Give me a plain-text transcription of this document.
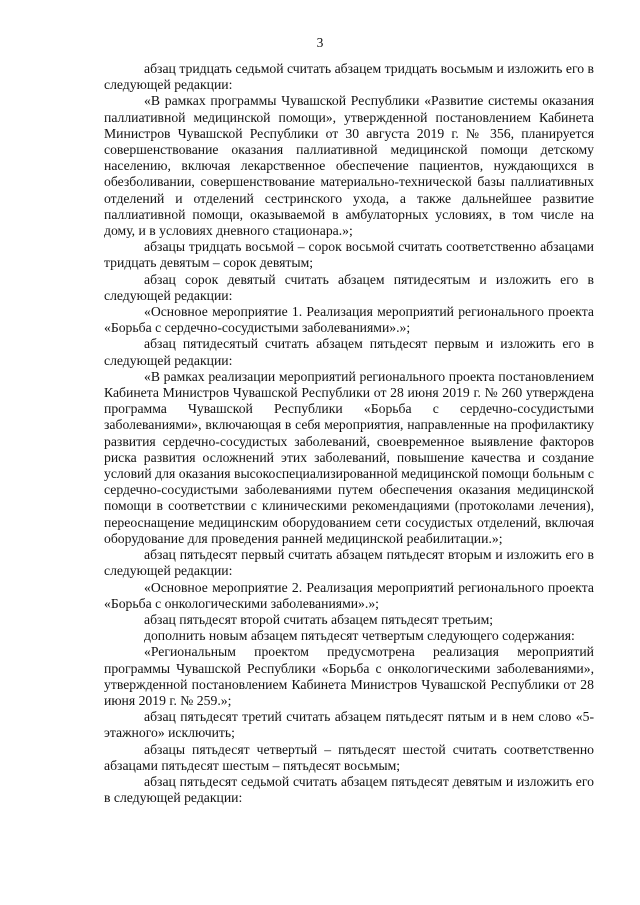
3

абзац тридцать седьмой считать абзацем тридцать восьмым и изложить его в следующей редакции:

«В рамках программы Чувашской Республики «Развитие системы оказания паллиативной медицинской помощи», утвержденной постановлением Кабинета Министров Чувашской Республики от 30 августа 2019 г. № 356, планируется совершенствование оказания паллиативной медицинской помощи детскому населению, включая лекарственное обеспечение пациентов, нуждающихся в обезболивании, совершенствование материально-технической базы паллиативных отделений и отделений сестринского ухода, а также дальнейшее развитие паллиативной помощи, оказываемой в амбулаторных условиях, в том числе на дому, и в условиях дневного стационара.»;

абзацы тридцать восьмой – сорок восьмой считать соответственно абзацами тридцать девятым – сорок девятым;

абзац сорок девятый считать абзацем пятидесятым и изложить его в следующей редакции:

«Основное мероприятие 1. Реализация мероприятий регионального проекта «Борьба с сердечно-сосудистыми заболеваниями».»;

абзац пятидесятый считать абзацем пятьдесят первым и изложить его в следующей редакции:

«В рамках реализации мероприятий регионального проекта постановлением Кабинета Министров Чувашской Республики от 28 июня 2019 г. № 260 утверждена программа Чувашской Республики «Борьба с сердечно-сосудистыми заболеваниями», включающая в себя мероприятия, направленные на профилактику развития сердечно-сосудистых заболеваний, своевременное выявление факторов риска развития осложнений этих заболеваний, повышение качества и создание условий для оказания высокоспециализированной медицинской помощи больным с сердечно-сосудистыми заболеваниями путем обеспечения оказания медицинской помощи в соответствии с клиническими рекомендациями (протоколами лечения), переоснащение медицинским оборудованием сети сосудистых отделений, включая оборудование для проведения ранней медицинской реабилитации.»;

абзац пятьдесят первый считать абзацем пятьдесят вторым и изложить его в следующей редакции:

«Основное мероприятие 2. Реализация мероприятий регионального проекта «Борьба с онкологическими заболеваниями».»;

абзац пятьдесят второй считать абзацем пятьдесят третьим;

дополнить новым абзацем пятьдесят четвертым следующего содержания:

«Региональным проектом предусмотрена реализация мероприятий программы Чувашской Республики «Борьба с онкологическими заболеваниями», утвержденной постановлением Кабинета Министров Чувашской Республики от 28 июня 2019 г. № 259.»;

абзац пятьдесят третий считать абзацем пятьдесят пятым и в нем слово «5-этажного» исключить;

абзацы пятьдесят четвертый – пятьдесят шестой считать соответственно абзацами пятьдесят шестым – пятьдесят восьмым;

абзац пятьдесят седьмой считать абзацем пятьдесят девятым и изложить его в следующей редакции:
